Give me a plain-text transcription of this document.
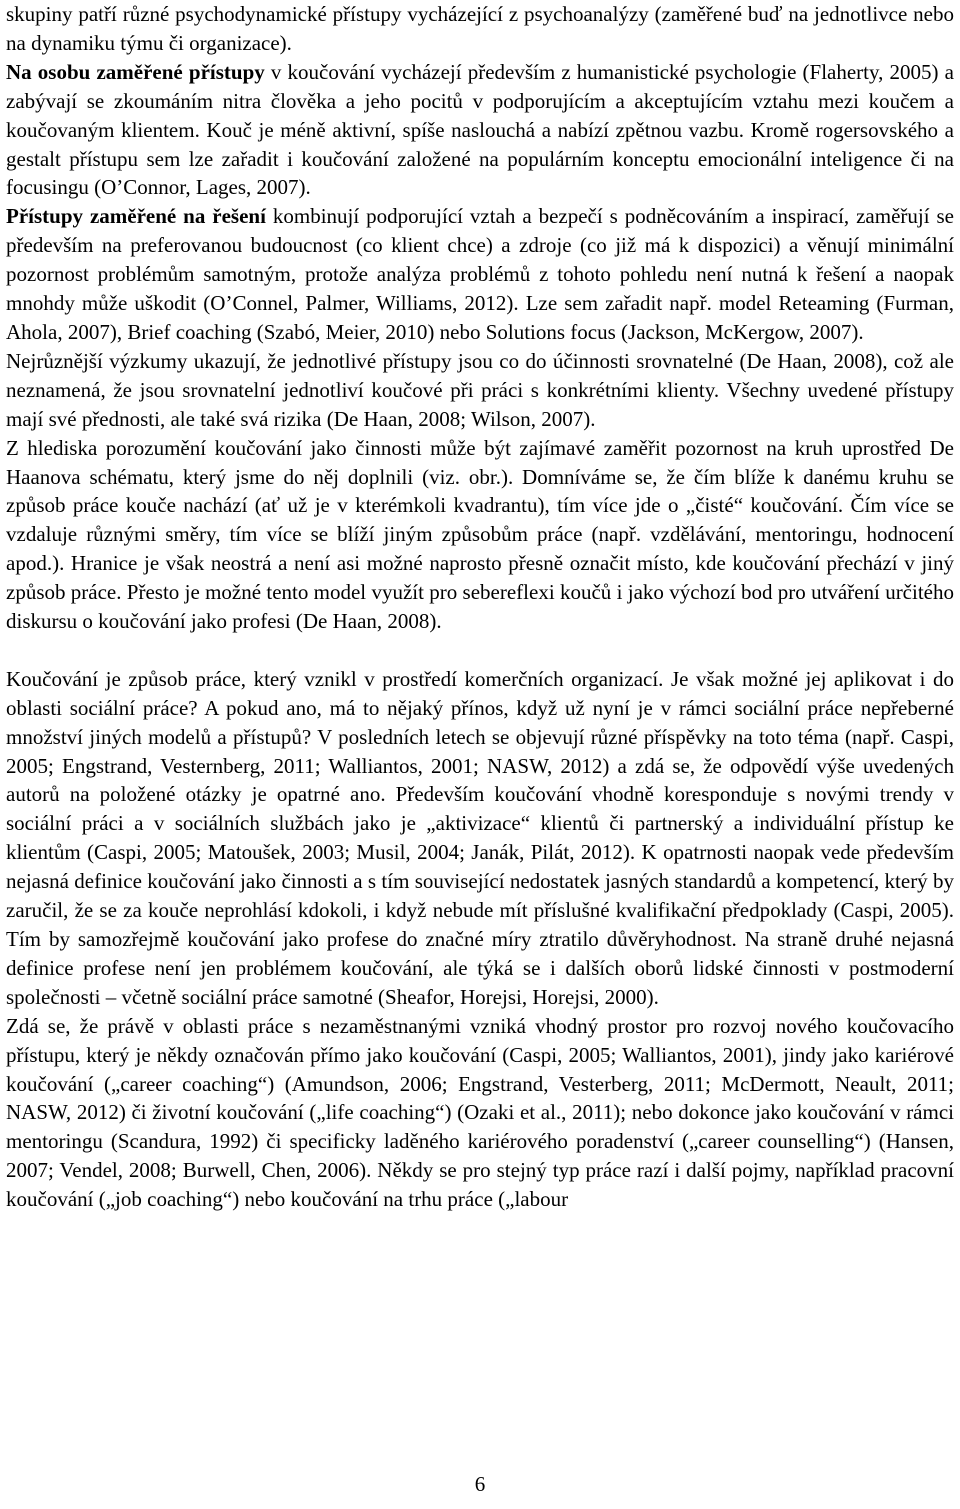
skupiny patří různé psychodynamické přístupy vycházející z psychoanalýzy (zaměřené buď na jednotlivce nebo na dynamiku týmu či organizace).

Na osobu zaměřené přístupy v koučování vycházejí především z humanistické psychologie (Flaherty, 2005) a zabývají se zkoumáním nitra člověka a jeho pocitů v podporujícím a akceptujícím vztahu mezi koučem a koučovaným klientem. Kouč je méně aktivní, spíše naslouchá a nabízí zpětnou vazbu. Kromě rogersovského a gestalt přístupu sem lze zařadit i koučování založené na populárním konceptu emocionální inteligence či na focusingu (O’Connor, Lages, 2007).

Přístupy zaměřené na řešení kombinují podporující vztah a bezpečí s podněcováním a inspirací, zaměřují se především na preferovanou budoucnost (co klient chce) a zdroje (co již má k dispozici) a věnují minimální pozornost problémům samotným, protože analýza problémů z tohoto pohledu není nutná k řešení a naopak mnohdy může uškodit (O’Connel, Palmer, Williams, 2012). Lze sem zařadit např. model Reteaming (Furman, Ahola, 2007), Brief coaching (Szabó, Meier, 2010) nebo Solutions focus (Jackson, McKergow, 2007).

Nejrůznější výzkumy ukazují, že jednotlivé přístupy jsou co do účinnosti srovnatelné (De Haan, 2008), což ale neznamená, že jsou srovnatelní jednotliví koučové při práci s konkrétními klienty. Všechny uvedené přístupy mají své přednosti, ale také svá rizika (De Haan, 2008; Wilson, 2007).

Z hlediska porozumění koučování jako činnosti může být zajímavé zaměřit pozornost na kruh uprostřed De Haanova schématu, který jsme do něj doplnili (viz. obr.). Domníváme se, že čím blíže k danému kruhu se způsob práce kouče nachází (ať už je v kterémkoli kvadrantu), tím více jde o „čisté“ koučování. Čím více se vzdaluje různými směry, tím více se blíží jiným způsobům práce (např. vzdělávání, mentoringu, hodnocení apod.). Hranice je však neostrá a není asi možné naprosto přesně označit místo, kde koučování přechází v jiný způsob práce. Přesto je možné tento model využít pro sebereflexi koučů i jako výchozí bod pro utváření určitého diskursu o koučování jako profesi (De Haan, 2008).

Koučování je způsob práce, který vznikl v prostředí komerčních organizací. Je však možné jej aplikovat i do oblasti sociální práce? A pokud ano, má to nějaký přínos, když už nyní je v rámci sociální práce nepřeberné množství jiných modelů a přístupů? V posledních letech se objevují různé příspěvky na toto téma (např. Caspi, 2005; Engstrand, Vesternberg, 2011; Walliantos, 2001; NASW, 2012) a zdá se, že odpovědí výše uvedených autorů na položené otázky je opatrné ano. Především koučování vhodně koresponduje s novými trendy v sociální práci a v sociálních službách jako je „aktivizace“ klientů či partnerský a individuální přístup ke klientům (Caspi, 2005; Matoušek, 2003; Musil, 2004; Janák, Pilát, 2012). K opatrnosti naopak vede především nejasná definice koučování jako činnosti a s tím související nedostatek jasných standardů a kompetencí, který by zaručil, že se za kouče neprohlásí kdokoli, i když nebude mít příslušné kvalifikační předpoklady (Caspi, 2005). Tím by samozřejmě koučování jako profese do značné míry ztratilo důvěryhodnost. Na straně druhé nejasná definice profese není jen problémem koučování, ale týká se i dalších oborů lidské činnosti v postmoderní společnosti – včetně sociální práce samotné (Sheafor, Horejsi, Horejsi, 2000).

Zdá se, že právě v oblasti práce s nezaměstnanými vzniká vhodný prostor pro rozvoj nového koučovacího přístupu, který je někdy označován přímo jako koučování (Caspi, 2005; Walliantos, 2001), jindy jako kariérové koučování („career coaching“) (Amundson, 2006; Engstrand, Vesterberg, 2011; McDermott, Neault, 2011; NASW, 2012) či životní koučování („life coaching“) (Ozaki et al., 2011); nebo dokonce jako koučování v rámci mentoringu (Scandura, 1992) či specificky laděného kariérového poradenství („career counselling“) (Hansen, 2007; Vendel, 2008; Burwell, Chen, 2006). Někdy se pro stejný typ práce razí i další pojmy, například pracovní koučování („job coaching“) nebo koučování na trhu práce („labour

6
